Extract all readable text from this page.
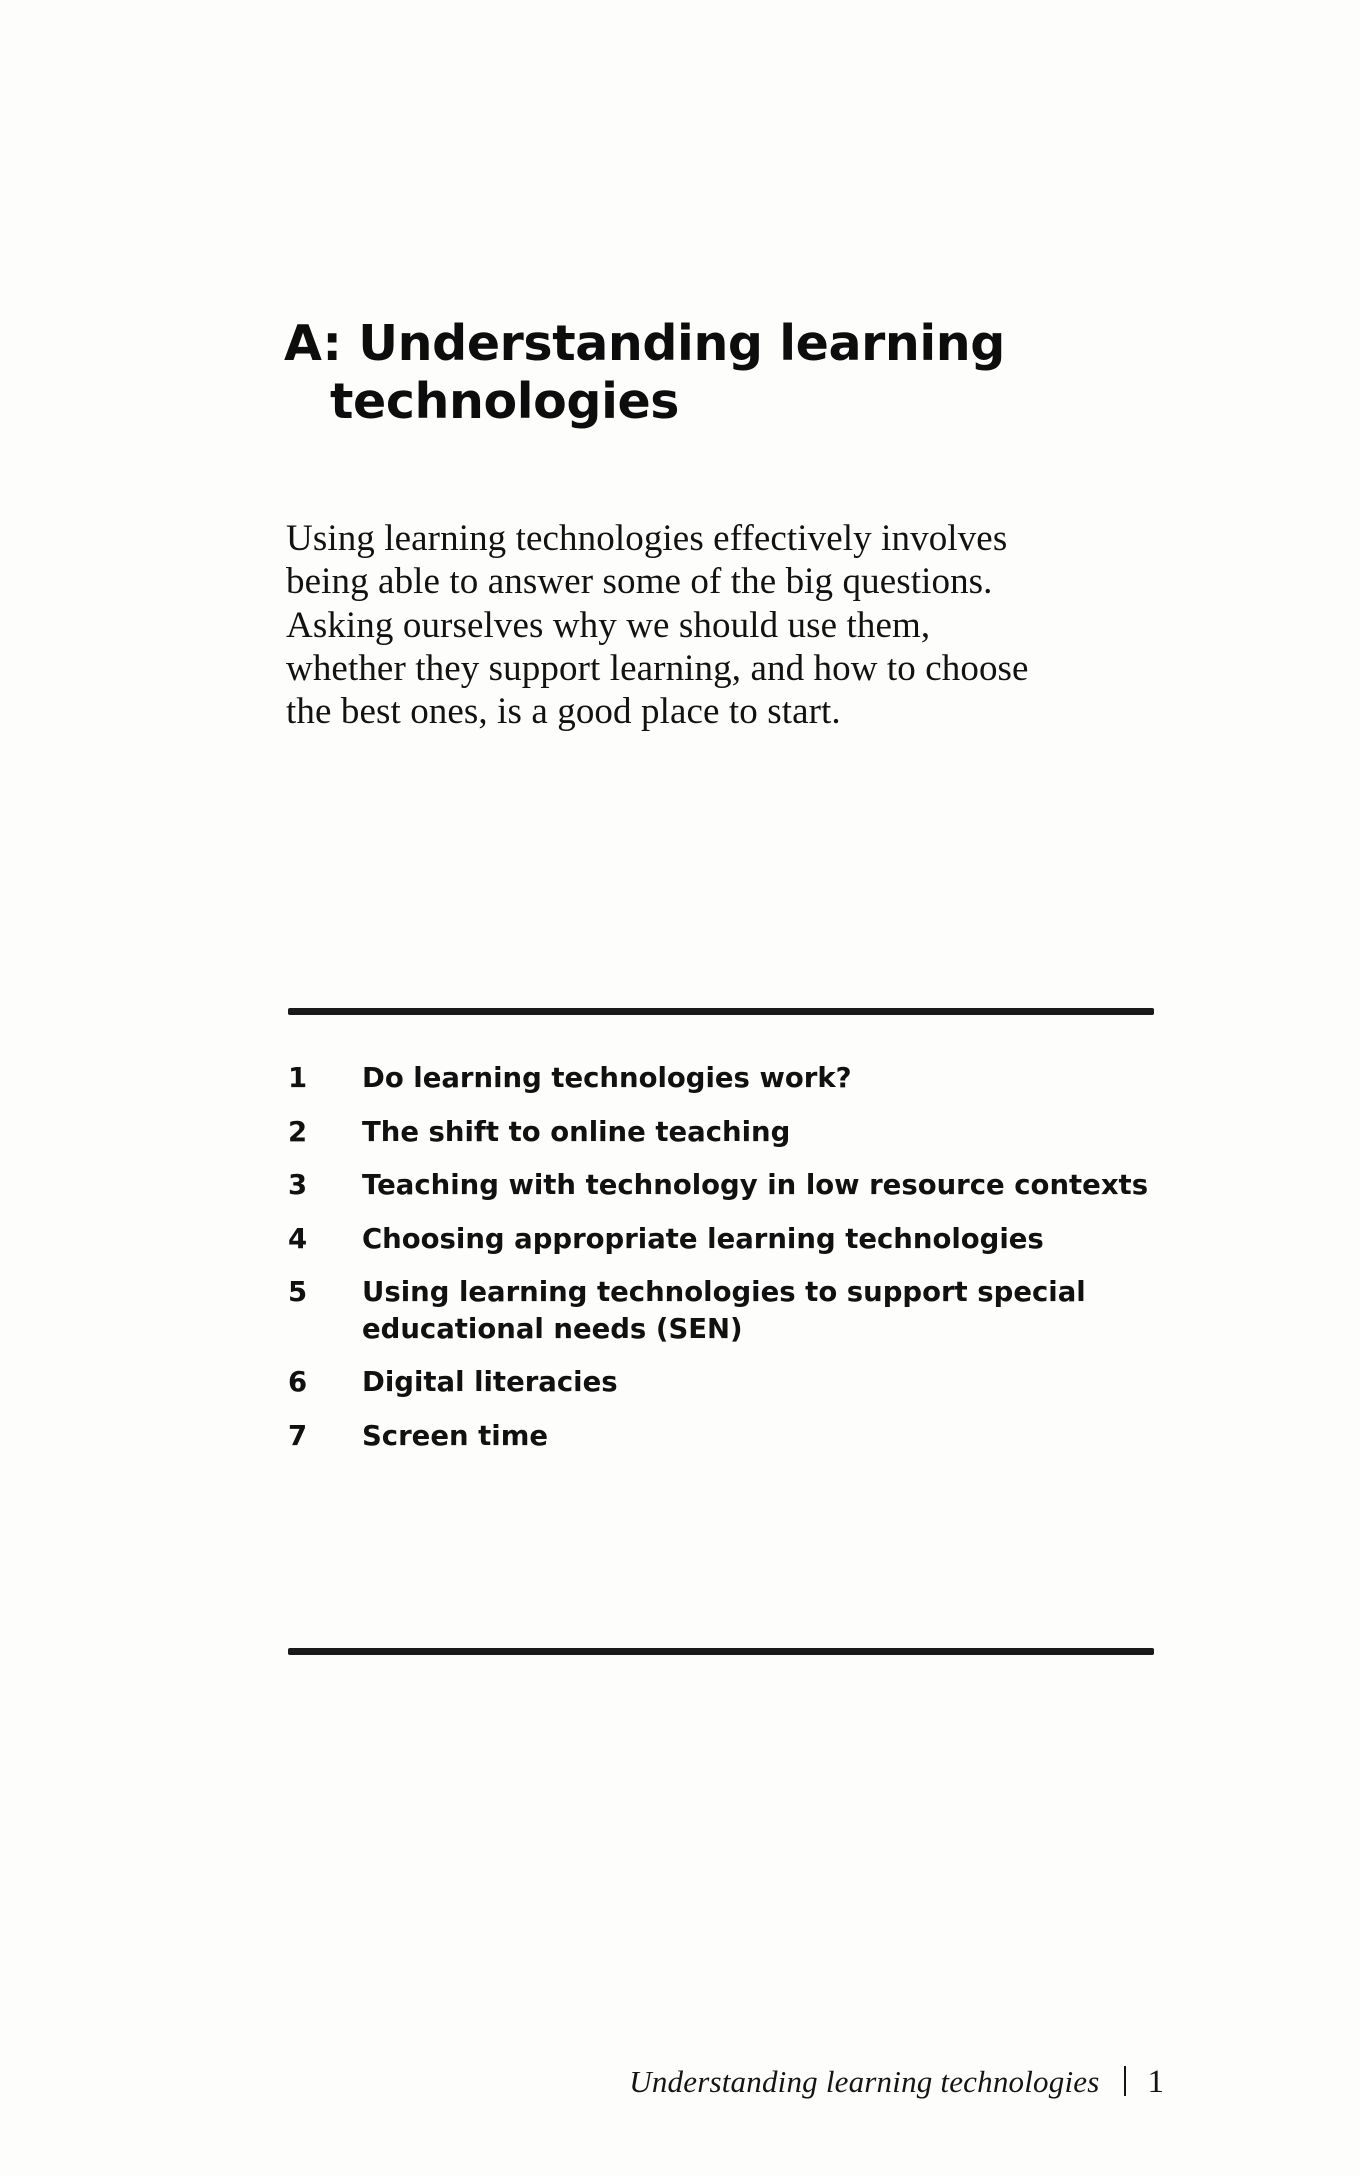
A: Understanding learning
technologies

Using learning technologies effectively involves being able to answer some of the big questions. Asking ourselves why we should use them, whether they support learning, and how to choose the best ones, is a good place to start.

1	Do learning technologies work?
2	The shift to online teaching
3	Teaching with technology in low resource contexts
4	Choosing appropriate learning technologies
5	Using learning technologies to support special educational needs (SEN)
6	Digital literacies
7	Screen time
Understanding learning technologies 1
